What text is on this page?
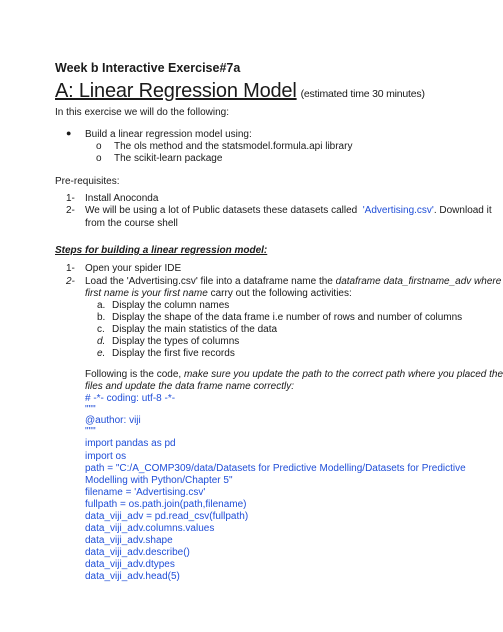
Week b Interactive Exercise#7a
A: Linear Regression Model (estimated time 30 minutes)
In this exercise we will do the following:
● Build a linear regression model using:
o The ols method and the statsmodel.formula.api library
o The scikit-learn package
Pre-requisites:
1- Install Anoconda
2- We will be using a lot of Public datasets these datasets called 'Advertising.csv'. Download it
from the course shell
Steps for building a linear regression model:
1- Open your spider IDE
2- Load the 'Advertising.csv' file into a dataframe name the dataframe data_firstname_adv where
first name is your first name carry out the following activities:
a. Display the column names
b. Display the shape of the data frame i.e number of rows and number of columns
c. Display the main statistics of the data
d. Display the types of columns
e. Display the first five records
Following is the code, make sure you update the path to the correct path where you placed the
files and update the data frame name correctly:
# -*- coding: utf-8 -*-
"""
@author: viji
"""
import pandas as pd
import os
path = "C:/A_COMP309/data/Datasets for Predictive Modelling/Datasets for Predictive
Modelling with Python/Chapter 5"
filename = 'Advertising.csv'
fullpath = os.path.join(path,filename)
data_viji_adv = pd.read_csv(fullpath)
data_viji_adv.columns.values
data_viji_adv.shape
data_viji_adv.describe()
data_viji_adv.dtypes
data_viji_adv.head(5)
